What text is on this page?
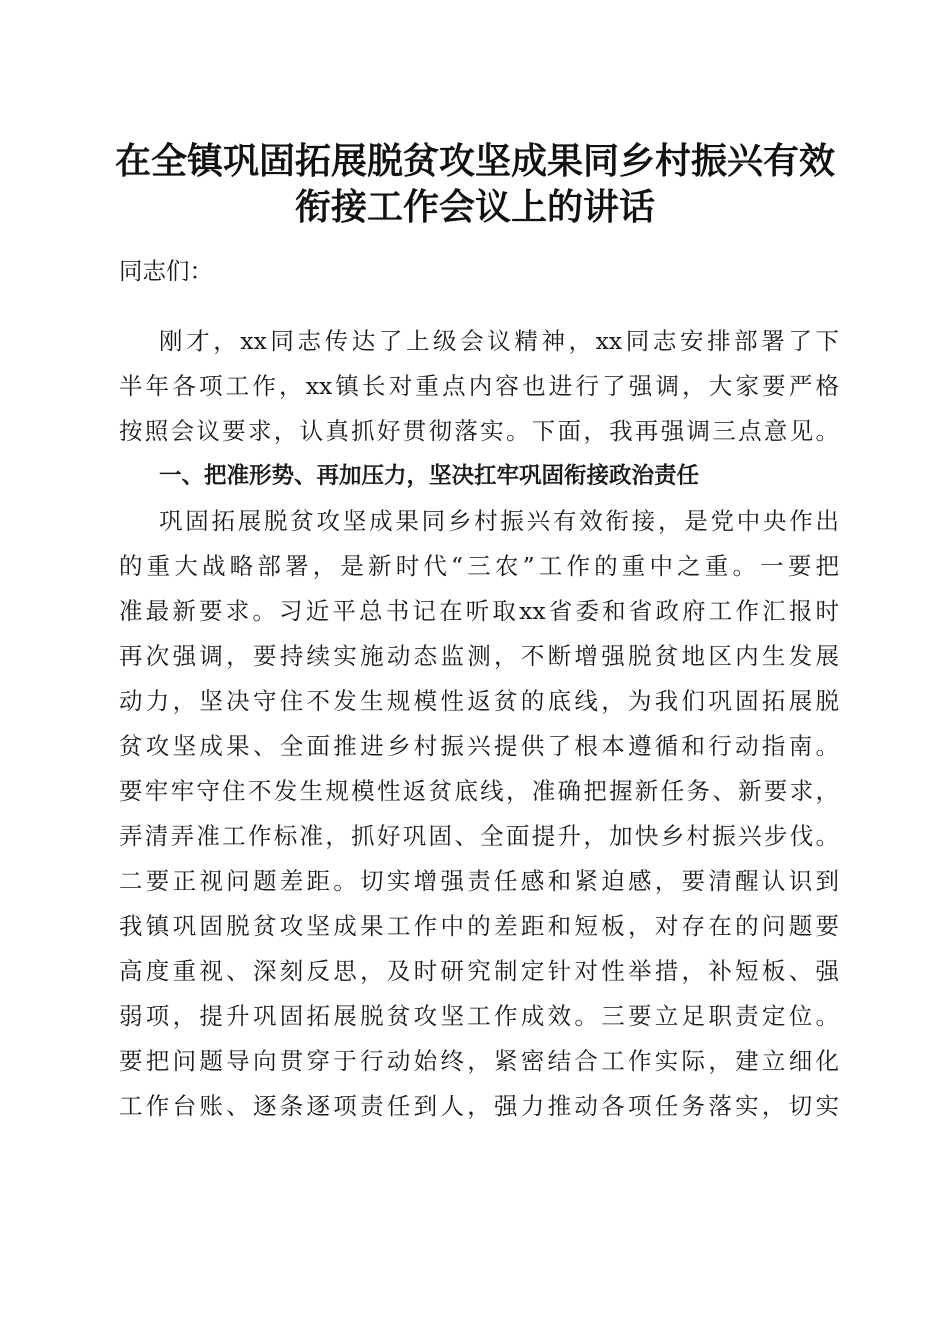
在全镇巩固拓展脱贫攻坚成果同乡村振兴有效
衔接工作会议上的讲话
同志们：
刚才，xx同志传达了上级会议精神，xx同志安排部署了下
半年各项工作，xx镇长对重点内容也进行了强调，大家要严格
按照会议要求，认真抓好贯彻落实。下面，我再强调三点意见。
一、把准形势、再加压力，坚决扛牢巩固衔接政治责任
巩固拓展脱贫攻坚成果同乡村振兴有效衔接，是党中央作出
的重大战略部署，是新时代“三农”工作的重中之重。一要把
准最新要求。习近平总书记在听取xx省委和省政府工作汇报时
再次强调，要持续实施动态监测，不断增强脱贫地区内生发展
动力，坚决守住不发生规模性返贫的底线，为我们巩固拓展脱
贫攻坚成果、全面推进乡村振兴提供了根本遵循和行动指南。
要牢牢守住不发生规模性返贫底线，准确把握新任务、新要求，
弄清弄准工作标准，抓好巩固、全面提升，加快乡村振兴步伐。
二要正视问题差距。切实增强责任感和紧迫感，要清醒认识到
我镇巩固脱贫攻坚成果工作中的差距和短板，对存在的问题要
高度重视、深刻反思，及时研究制定针对性举措，补短板、强
弱项，提升巩固拓展脱贫攻坚工作成效。三要立足职责定位。
要把问题导向贯穿于行动始终，紧密结合工作实际，建立细化
工作台账、逐条逐项责任到人，强力推动各项任务落实，切实
